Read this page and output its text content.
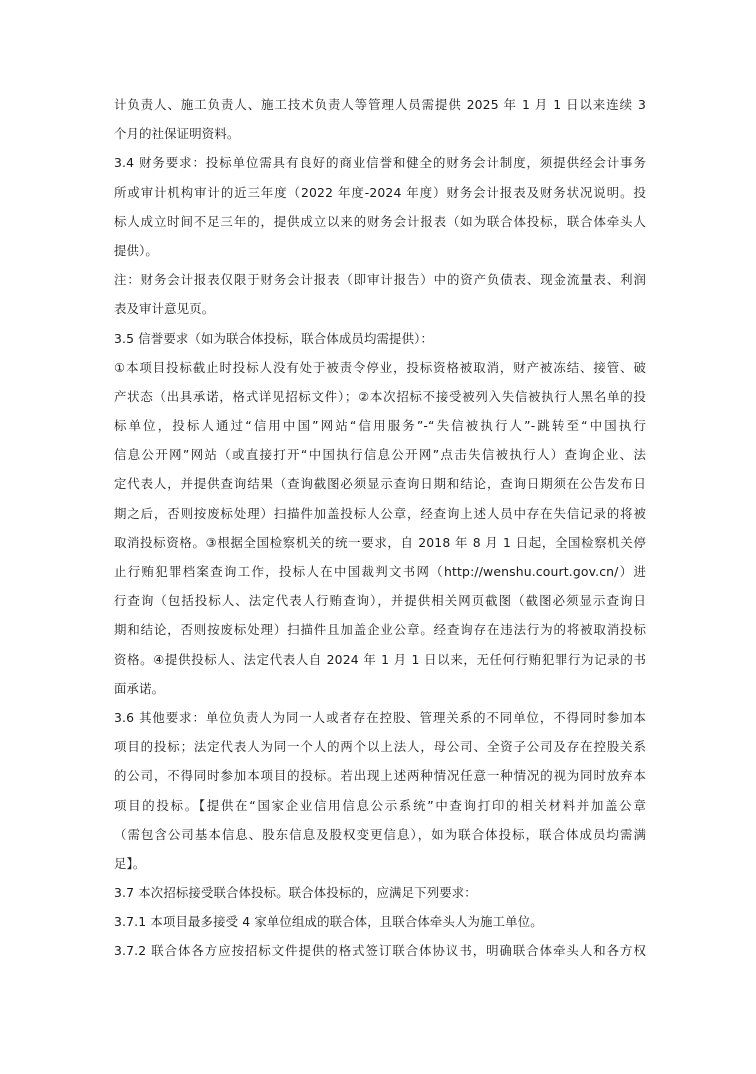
计负责人、施工负责人、施工技术负责人等管理人员需提供 2025 年 1 月 1 日以来连续 3
个月的社保证明资料。
3.4 财务要求：投标单位需具有良好的商业信誉和健全的财务会计制度，须提供经会计事务
所或审计机构审计的近三年度（2022 年度-2024 年度）财务会计报表及财务状况说明。投
标人成立时间不足三年的，提供成立以来的财务会计报表（如为联合体投标，联合体牵头人
提供）。
注：财务会计报表仅限于财务会计报表（即审计报告）中的资产负债表、现金流量表、利润
表及审计意见页。
3.5 信誉要求（如为联合体投标，联合体成员均需提供）：
①本项目投标截止时投标人没有处于被责令停业，投标资格被取消，财产被冻结、接管、破
产状态（出具承诺，格式详见招标文件）；②本次招标不接受被列入失信被执行人黑名单的投
标单位，投标人通过“信用中国”网站“信用服务”-“失信被执行人”-跳转至“中国执行
信息公开网”网站（或直接打开“中国执行信息公开网”点击失信被执行人）查询企业、法
定代表人，并提供查询结果（查询截图必须显示查询日期和结论，查询日期须在公告发布日
期之后，否则按废标处理）扫描件加盖投标人公章，经查询上述人员中存在失信记录的将被
取消投标资格。③根据全国检察机关的统一要求，自 2018 年 8 月 1 日起，全国检察机关停
止行贿犯罪档案查询工作，投标人在中国裁判文书网（http://wenshu.court.gov.cn/）进
行查询（包括投标人、法定代表人行贿查询），并提供相关网页截图（截图必须显示查询日
期和结论，否则按废标处理）扫描件且加盖企业公章。经查询存在违法行为的将被取消投标
资格。④提供投标人、法定代表人自 2024 年 1 月 1 日以来，无任何行贿犯罪行为记录的书
面承诺。
3.6 其他要求：单位负责人为同一人或者存在控股、管理关系的不同单位，不得同时参加本
项目的投标；法定代表人为同一个人的两个以上法人，母公司、全资子公司及存在控股关系
的公司，不得同时参加本项目的投标。若出现上述两种情况任意一种情况的视为同时放弃本
项目的投标。【提供在“国家企业信用信息公示系统”中查询打印的相关材料并加盖公章
（需包含公司基本信息、股东信息及股权变更信息），如为联合体投标，联合体成员均需满
足】。
3.7 本次招标接受联合体投标。联合体投标的，应满足下列要求：
3.7.1 本项目最多接受 4 家单位组成的联合体，且联合体牵头人为施工单位。
3.7.2 联合体各方应按招标文件提供的格式签订联合体协议书，明确联合体牵头人和各方权
